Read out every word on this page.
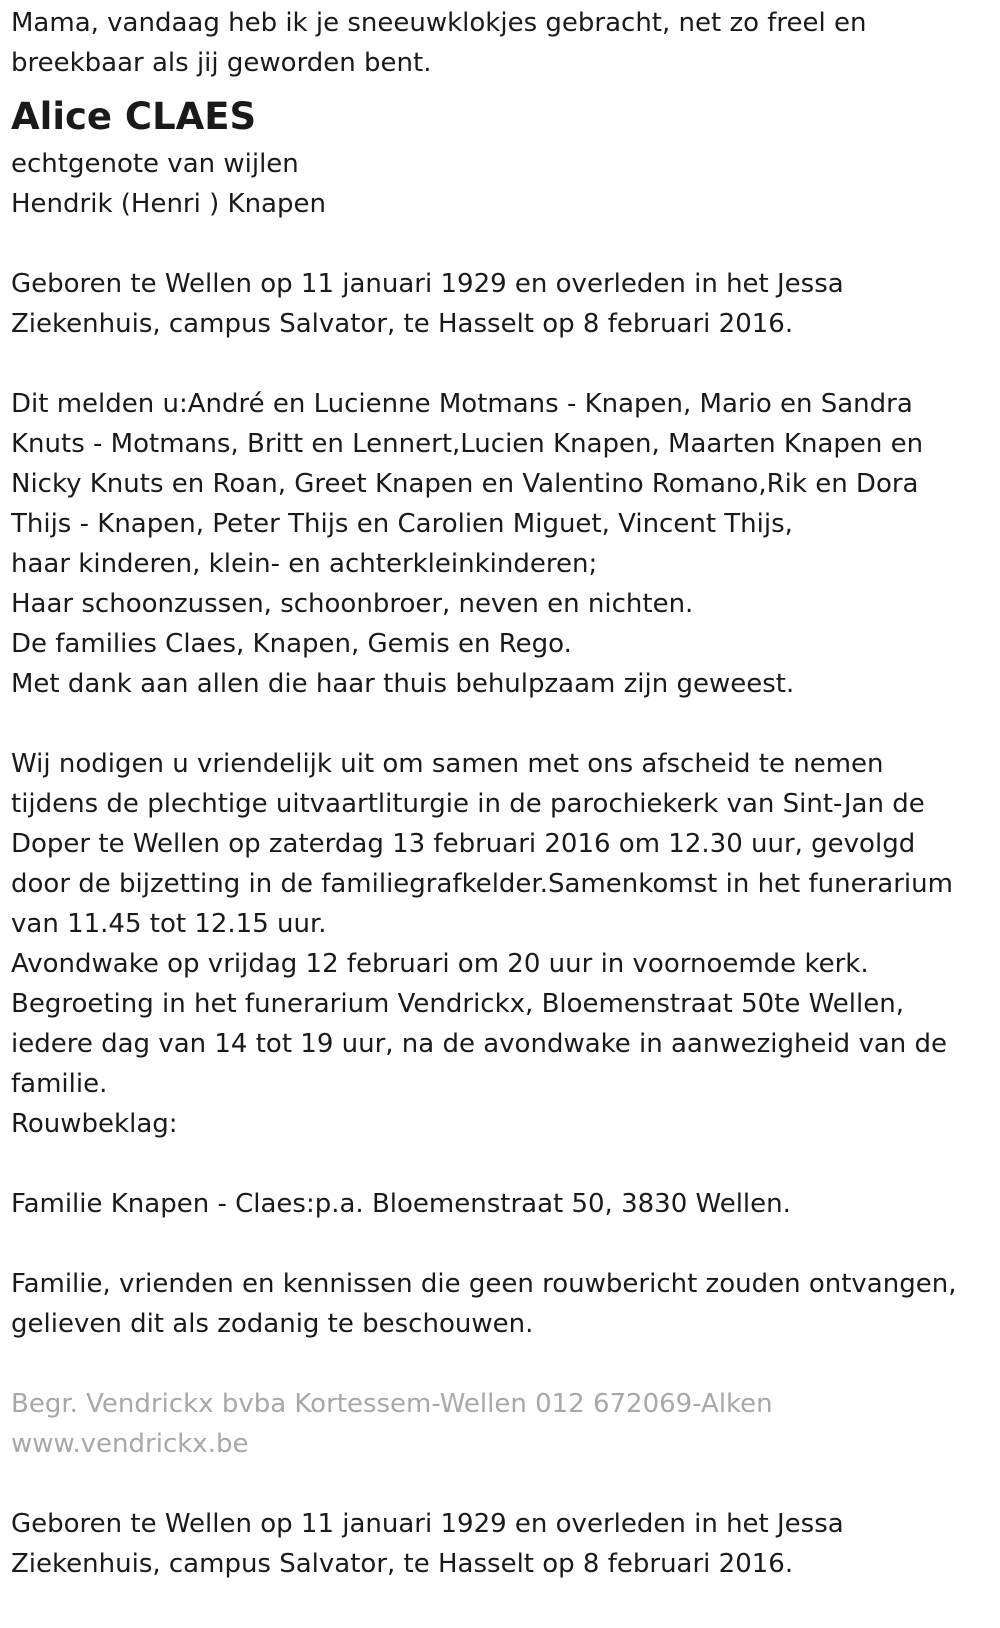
Mama, vandaag heb ik je sneeuwklokjes gebracht, net zo freel en
breekbaar als jij geworden bent.

Alice CLAES

echtgenote van wijlen
Hendrik (Henri ) Knapen

Geboren te Wellen op 11 januari 1929 en overleden in het Jessa
Ziekenhuis, campus Salvator, te Hasselt op 8 februari 2016.

Dit melden u:André en Lucienne Motmans - Knapen, Mario en Sandra
Knuts - Motmans, Britt en Lennert,Lucien Knapen, Maarten Knapen en
Nicky Knuts en Roan, Greet Knapen en Valentino Romano,Rik en Dora
Thijs - Knapen, Peter Thijs en Carolien Miguet, Vincent Thijs,
haar kinderen, klein- en achterkleinkinderen;
Haar schoonzussen, schoonbroer, neven en nichten.
De families Claes, Knapen, Gemis en Rego.
Met dank aan allen die haar thuis behulpzaam zijn geweest.

Wij nodigen u vriendelijk uit om samen met ons afscheid te nemen
tijdens de plechtige uitvaartliturgie in de parochiekerk van Sint-Jan de
Doper te Wellen op zaterdag 13 februari 2016 om 12.30 uur, gevolgd
door de bijzetting in de familiegrafkelder.Samenkomst in het funerarium
van 11.45 tot 12.15 uur.
Avondwake op vrijdag 12 februari om 20 uur in voornoemde kerk.
Begroeting in het funerarium Vendrickx, Bloemenstraat 50te Wellen,
iedere dag van 14 tot 19 uur, na de avondwake in aanwezigheid van de
familie.
Rouwbeklag:

Familie Knapen - Claes:p.a. Bloemenstraat 50, 3830 Wellen.

Familie, vrienden en kennissen die geen rouwbericht zouden ontvangen,
gelieven dit als zodanig te beschouwen.

Begr. Vendrickx bvba Kortessem-Wellen 012 672069-Alken
www.vendrickx.be

Geboren te Wellen op 11 januari 1929 en overleden in het Jessa
Ziekenhuis, campus Salvator, te Hasselt op 8 februari 2016.
